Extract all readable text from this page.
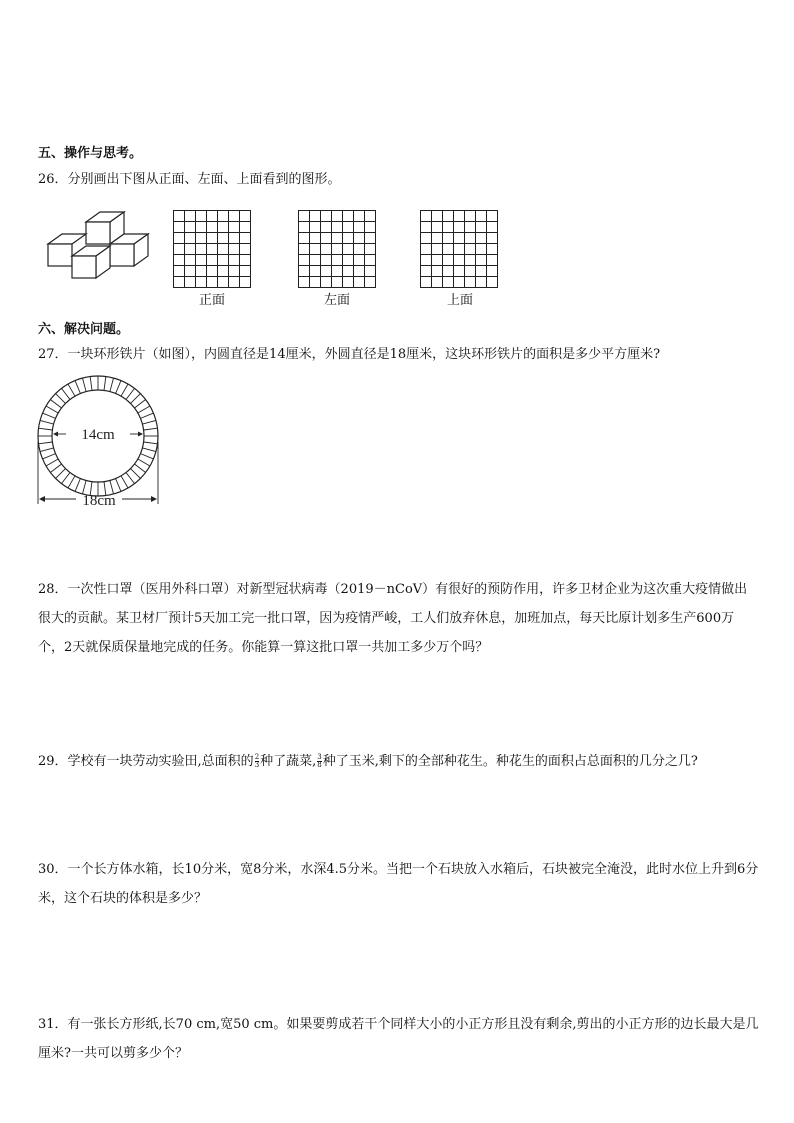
五、操作与思考。
26．分别画出下图从正面、左面、上面看到的图形。
正面	左面	上面
六、解决问题。
27．一块环形铁片（如图），内圆直径是14厘米，外圆直径是18厘米，这块环形铁片的面积是多少平方厘米?
14cm
18cm
28．一次性口罩（医用外科口罩）对新型冠状病毒（2019－nCoV）有很好的预防作用，许多卫材企业为这次重大疫情做出很大的贡献。某卫材厂预计5天加工完一批口罩，因为疫情严峻，工人们放弃休息，加班加点，每天比原计划多生产600万个，2天就保质保量地完成的任务。你能算一算这批口罩一共加工多少万个吗？
29．学校有一块劳动实验田,总面积的 $\frac{2}{3}$ 种了蔬菜, $\frac{3}{8}$ 种了玉米,剩下的全部种花生。种花生的面积占总面积的几分之几?
30．一个长方体水箱，长10分米，宽8分米，水深4.5分米。当把一个石块放入水箱后，石块被完全淹没，此时水位上升到6分米，这个石块的体积是多少？
31．有一张长方形纸,长70 cm,宽50 cm。如果要剪成若干个同样大小的小正方形且没有剩余,剪出的小正方形的边长最大是几厘米?一共可以剪多少个？
